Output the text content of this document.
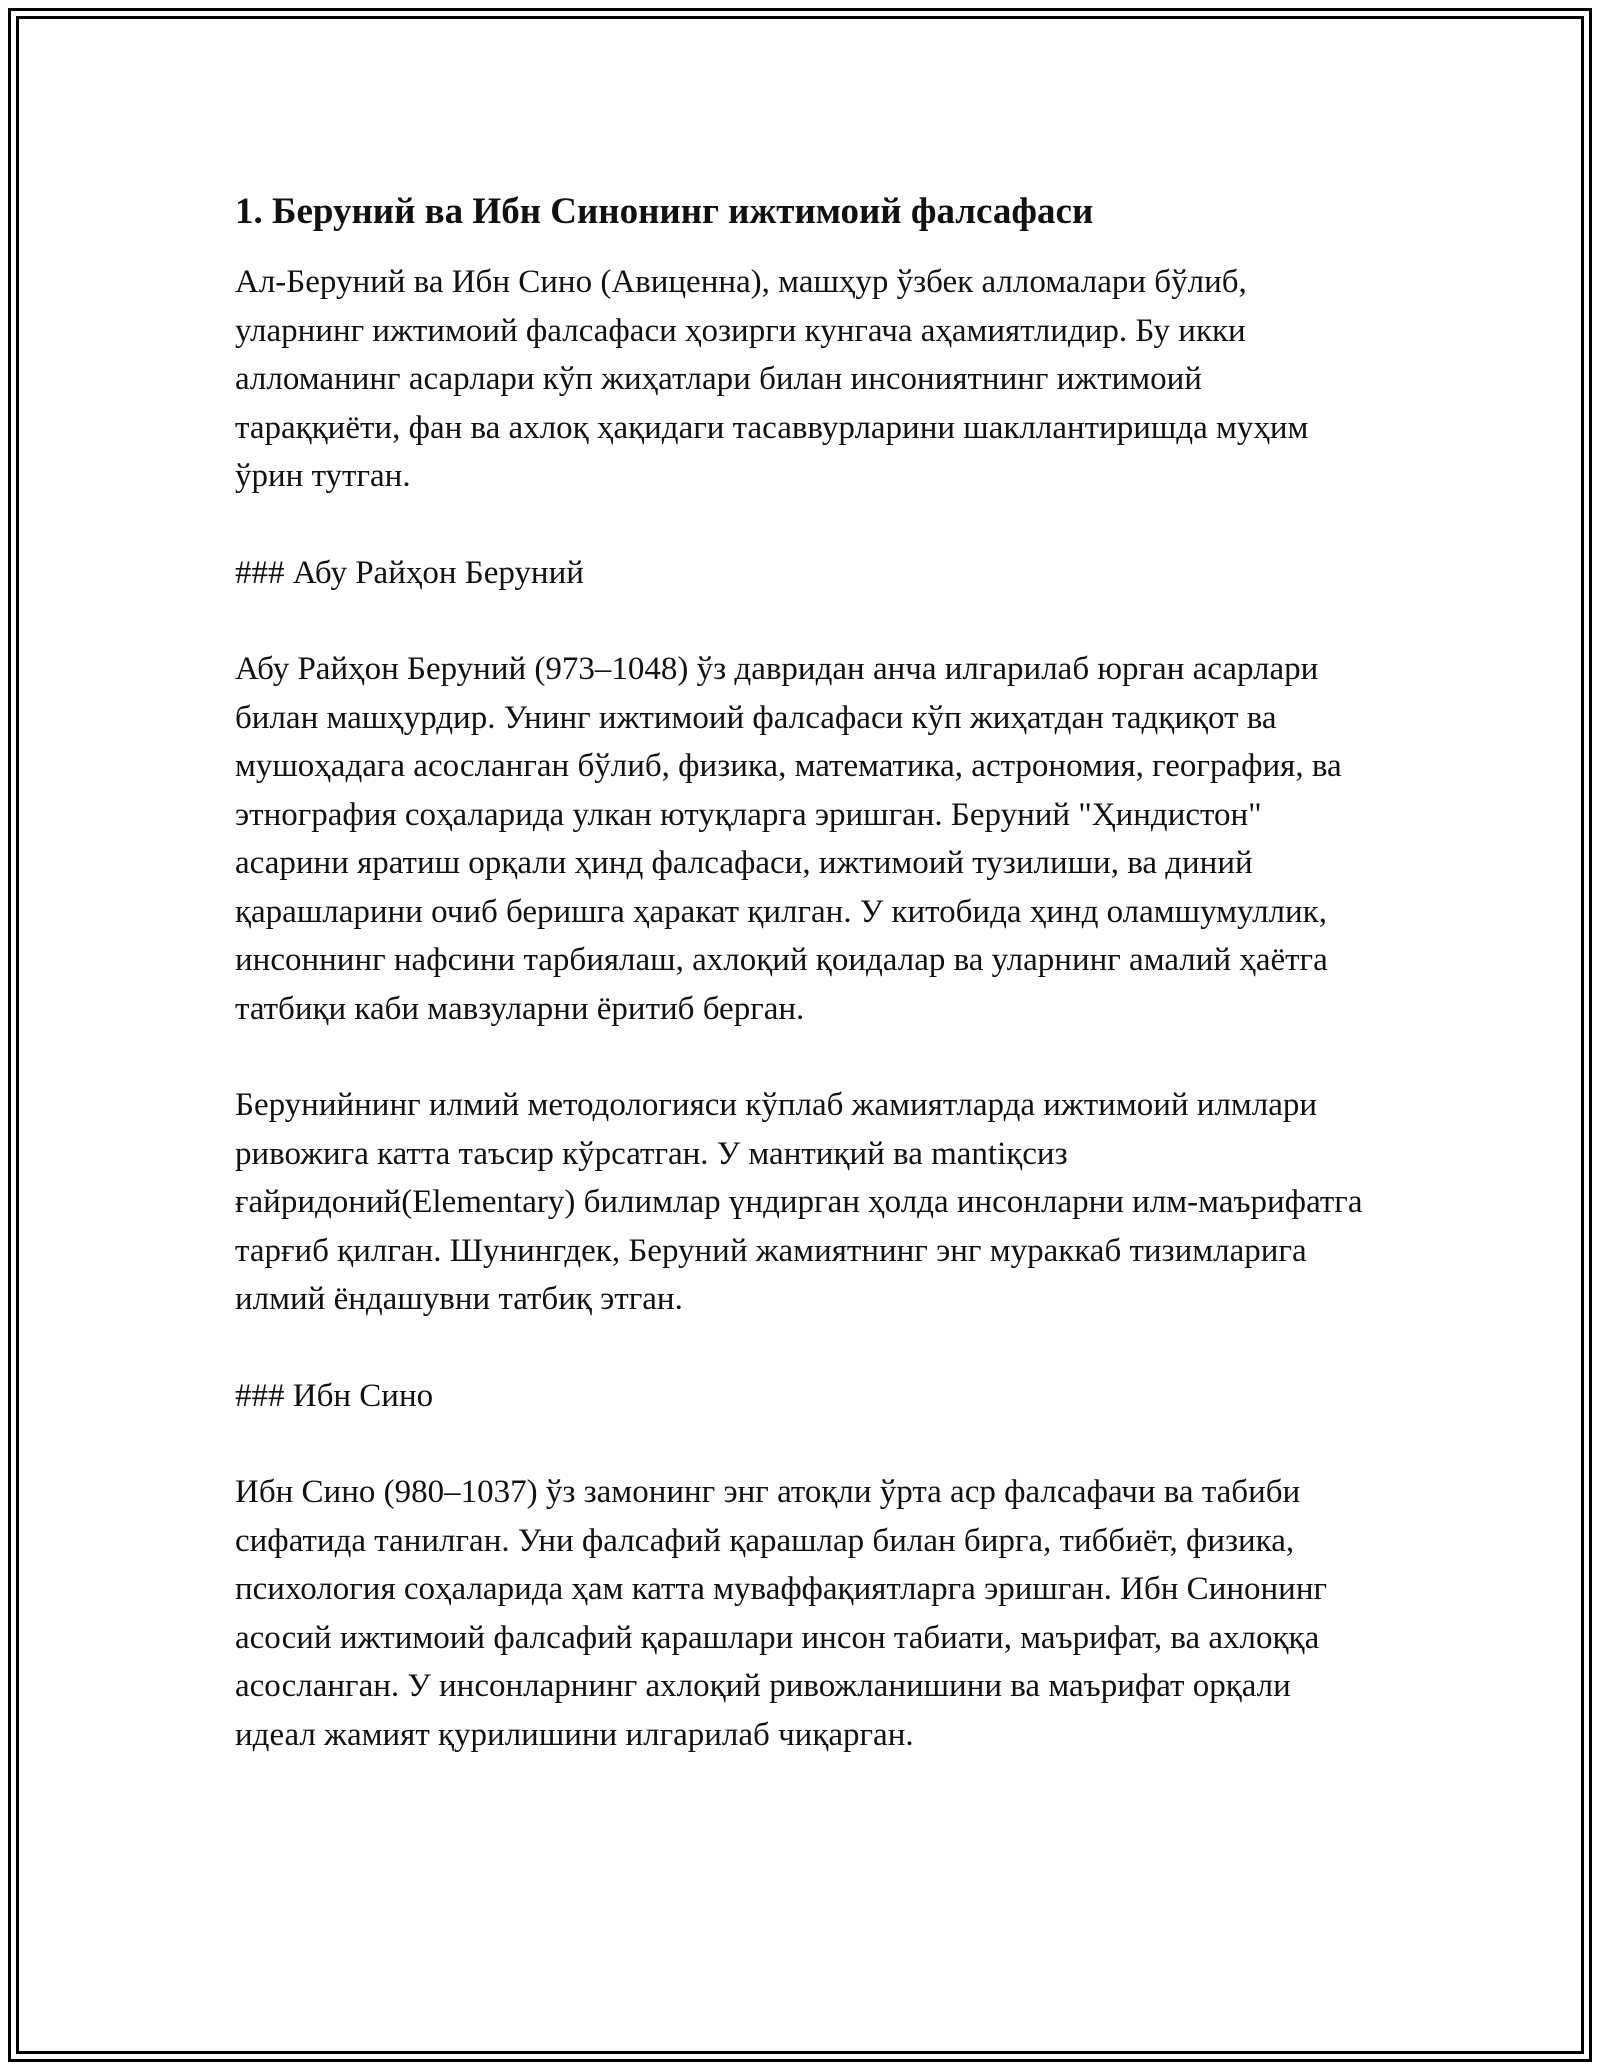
1. Беруний ва Ибн Синонинг ижтимоий фалсафаси
Ал-Беруний ва Ибн Сино (Авиценна), машҳур ўзбек алломалари бўлиб, уларнинг ижтимоий фалсафаси ҳозирги кунгача аҳамиятлидир. Бу икки алломанинг асарлари кўп жиҳатлари билан инсониятнинг ижтимоий тараққиёти, фан ва ахлоқ ҳақидаги тасаввурларини шакллантиришда муҳим ўрин тутган.
### Абу Райҳон Беруний
Абу Райҳон Беруний (973–1048) ўз давридан анча илгарилаб юрган асарлари билан машҳурдир. Унинг ижтимоий фалсафаси кўп жиҳатдан тадқиқот ва мушоҳадага асосланган бўлиб, физика, математика, астрономия, география, ва этнография соҳаларида улкан ютуқларга эришган. Беруний "Ҳиндистон" асарини яратиш орқали ҳинд фалсафаси, ижтимоий тузилиши, ва диний қарашларини очиб беришга ҳаракат қилган. У китобида ҳинд оламшумуллик, инсоннинг нафсини тарбиялаш, ахлоқий қоидалар ва уларнинг амалий ҳаётга татбиқи каби мавзуларни ёритиб берган.
Берунийнинг илмий методологияси кўплаб жамиятларда ижтимоий илмлари ривожига катта таъсир кўрсатган. У мантиқий ва mantiқсиз ғайридоний(Elementary) билимлар үндирган ҳолда инсонларни илм-маърифатга тарғиб қилган. Шунингдек, Беруний жамиятнинг энг мураккаб тизимларига илмий ёндашувни татбиқ этган.
### Ибн Сино
Ибн Сино (980–1037) ўз замонинг энг атоқли ўрта аср фалсафачи ва табиби сифатида танилган. Уни фалсафий қарашлар билан бирга, тиббиёт, физика, психология соҳаларида ҳам катта муваффақиятларга эришган. Ибн Синонинг асосий ижтимоий фалсафий қарашлари инсон табиати, маърифат, ва ахлоққа асосланган. У инсонларнинг ахлоқий ривожланишини ва маърифат орқали идеал жамият қурилишини илгарилаб чиқарган.
